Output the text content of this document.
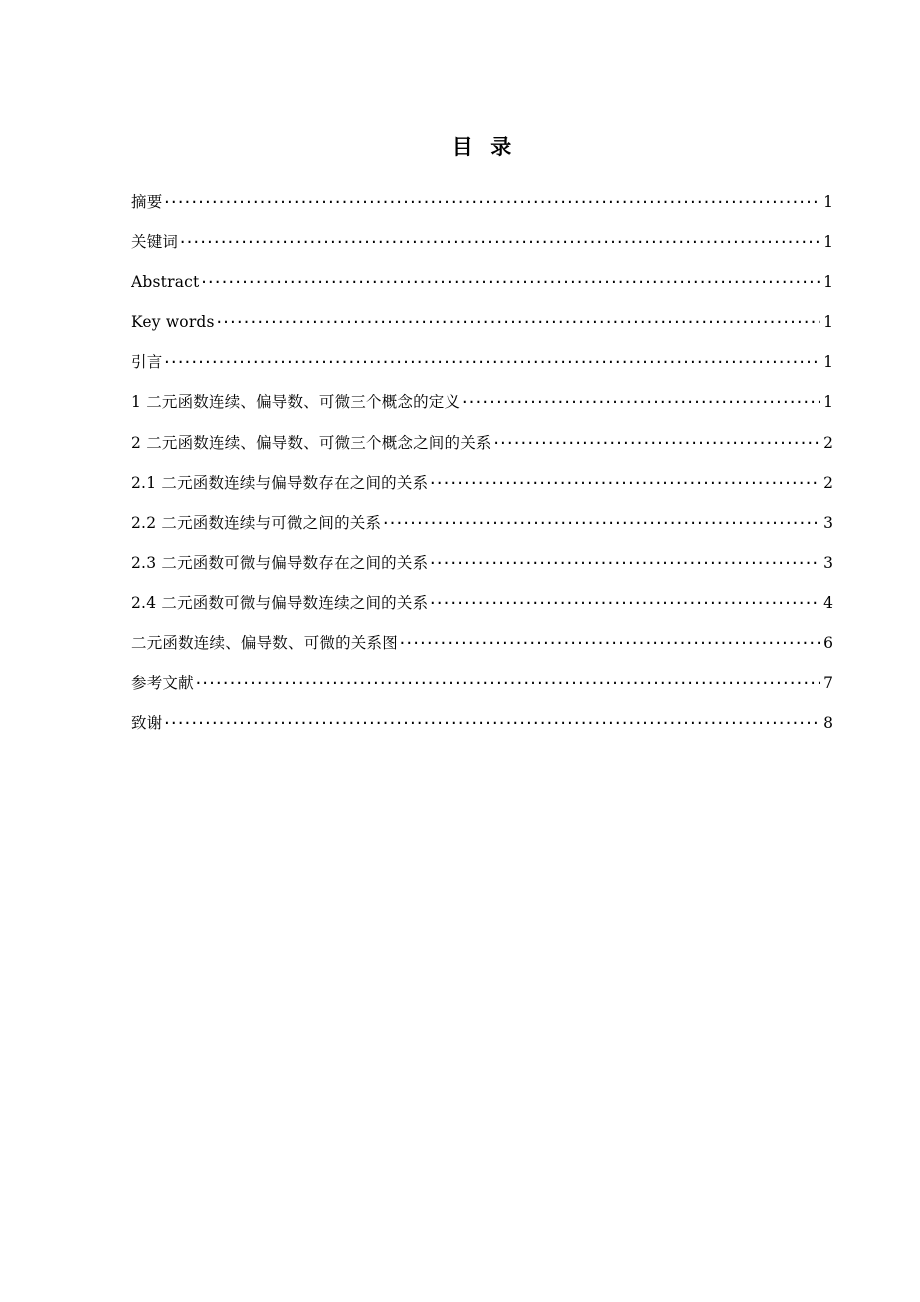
目  录
摘要 ·····	1
关键词 ·····	1
Abstract ·····	1
Key words ·····	1
引言 ·····	1
1 二元函数连续、偏导数、可微三个概念的定义 ·····	1
2 二元函数连续、偏导数、可微三个概念之间的关系 ·····	2
2.1 二元函数连续与偏导数存在之间的关系 ·····	2
2.2 二元函数连续与可微之间的关系 ·····	3
2.3 二元函数可微与偏导数存在之间的关系 ·····	3
2.4 二元函数可微与偏导数连续之间的关系 ·····	4
二元函数连续、偏导数、可微的关系图 ·····	6
参考文献 ·····	7
致谢 ·····	8
